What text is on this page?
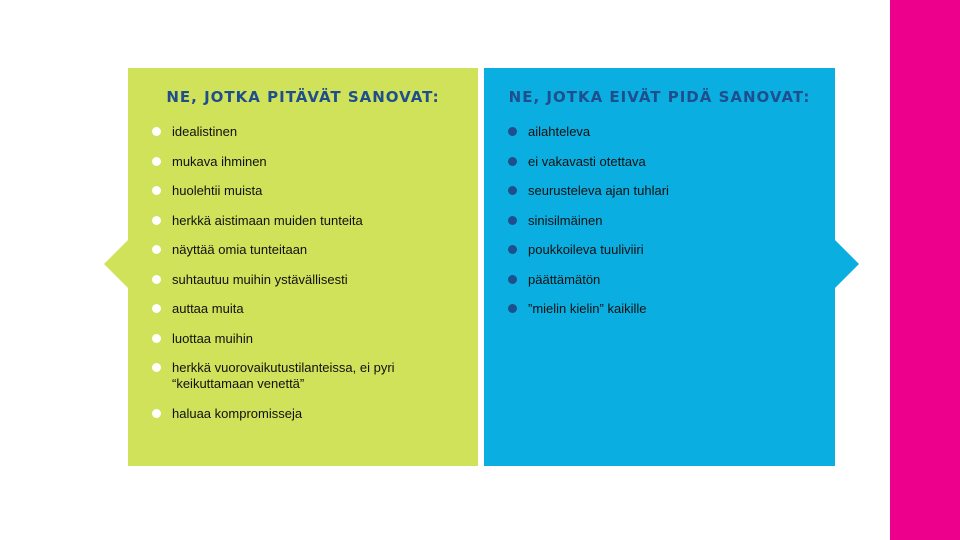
NE, JOTKA PITÄVÄT SANOVAT:
idealistinen
mukava ihminen
huolehtii muista
herkkä aistimaan muiden tunteita
näyttää omia tunteitaan
suhtautuu muihin ystävällisesti
auttaa muita
luottaa muihin
herkkä vuorovaikutustilanteissa, ei pyri “keikuttamaan venettä”
haluaa kompromisseja
NE, JOTKA EIVÄT PIDÄ SANOVAT:
ailahteleva
ei vakavasti otettava
seurusteleva ajan tuhlari
sinisilmäinen
poukkoileva tuuliviiri
päättämätön
”mielin kielin” kaikille
